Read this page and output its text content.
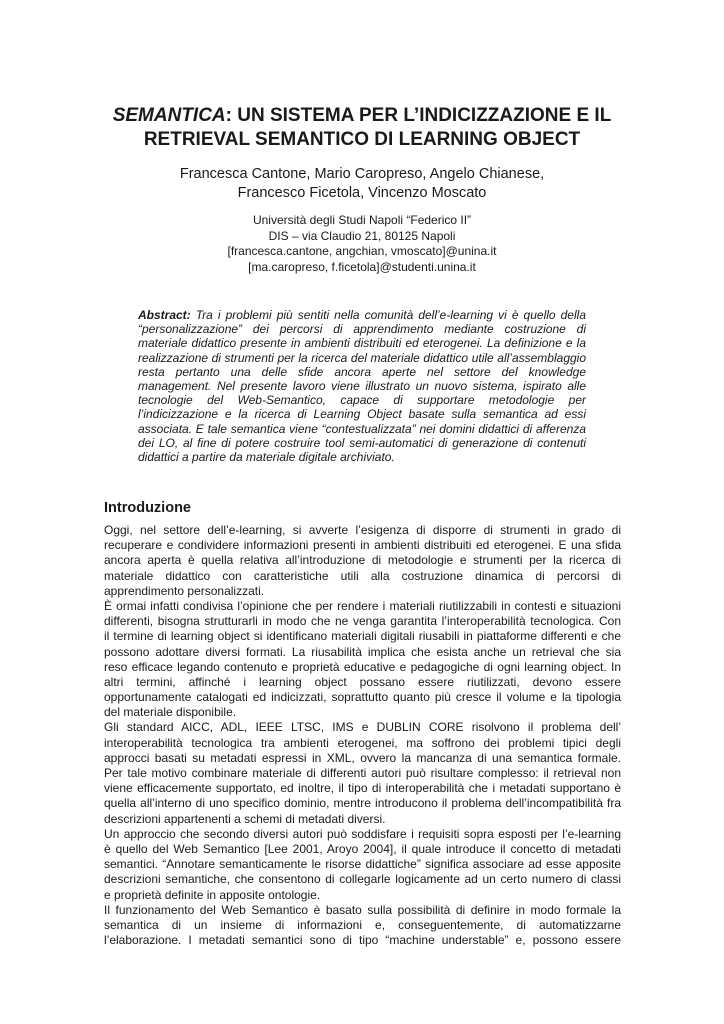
SEMANTICA: UN SISTEMA PER L’INDICIZZAZIONE E IL
RETRIEVAL SEMANTICO DI LEARNING OBJECT
Francesca Cantone, Mario Caropreso, Angelo Chianese,
Francesco Ficetola, Vincenzo Moscato
Università degli Studi Napoli “Federico II”
DIS – via Claudio 21, 80125 Napoli
[francesca.cantone, angchian, vmoscato]@unina.it
[ma.caropreso, f.ficetola]@studenti.unina.it

Abstract: Tra i problemi più sentiti nella comunità dell’e-learning vi è quello della “personalizzazione” dei percorsi di apprendimento mediante costruzione di materiale didattico presente in ambienti distribuiti ed eterogenei. La definizione e la realizzazione di strumenti per la ricerca del materiale didattico utile all’assemblaggio resta pertanto una delle sfide ancora aperte nel settore del knowledge management. Nel presente lavoro viene illustrato un nuovo sistema, ispirato alle tecnologie del Web-Semantico, capace di supportare metodologie per l’indicizzazione e la ricerca di Learning Object basate sulla semantica ad essi associata. E tale semantica viene “contestualizzata” nei domini didattici di afferenza dei LO, al fine di potere costruire tool semi-automatici di generazione di contenuti didattici a partire da materiale digitale archiviato.

Introduzione
Oggi, nel settore dell’e-learning, si avverte l’esigenza di disporre di strumenti in grado di
recuperare e condividere informazioni presenti in ambienti distribuiti ed eterogenei. E una sfida
ancora aperta è quella relativa all’introduzione di metodologie e strumenti per la ricerca di
materiale didattico con caratteristiche utili alla costruzione dinamica di percorsi di
apprendimento personalizzati.
È ormai infatti condivisa l’opinione che per rendere i materiali riutilizzabili in contesti e situazioni
differenti, bisogna strutturarli in modo che ne venga garantita l’interoperabilità tecnologica. Con
il termine di learning object si identificano materiali digitali riusabili in piattaforme differenti e che
possono adottare diversi formati. La riusabilità implica che esista anche un retrieval che sia
reso efficace legando contenuto e proprietà educative e pedagogiche di ogni learning object. In
altri termini, affinché i learning object possano essere riutilizzati, devono essere
opportunamente catalogati ed indicizzati, soprattutto quanto più cresce il volume e la tipologia
del materiale disponibile.
Gli standard AICC, ADL, IEEE LTSC, IMS e DUBLIN CORE risolvono il problema dell’
interoperabilità tecnologica tra ambienti eterogenei, ma soffrono dei problemi tipici degli
approcci basati su metadati espressi in XML, ovvero la mancanza di una semantica formale.
Per tale motivo combinare materiale di differenti autori può risultare complesso: il retrieval non
viene efficacemente supportato, ed inoltre, il tipo di interoperabilità che i metadati supportano è
quella all’interno di uno specifico dominio, mentre introducono il problema dell’incompatibilità fra
descrizioni appartenenti a schemi di metadati diversi.
Un approccio che secondo diversi autori può soddisfare i requisiti sopra esposti per l’e-learning
è quello del Web Semantico [Lee 2001, Aroyo 2004], il quale introduce il concetto di metadati
semantici. “Annotare semanticamente le risorse didattiche” significa associare ad esse apposite
descrizioni semantiche, che consentono di collegarle logicamente ad un certo numero di classi
e proprietà definite in apposite ontologie.
Il funzionamento del Web Semantico è basato sulla possibilità di definire in modo formale la
semantica di un insieme di informazioni e, conseguentemente, di automatizzarne
l’elaborazione. I metadati semantici sono di tipo “machine understable” e, possono essere
